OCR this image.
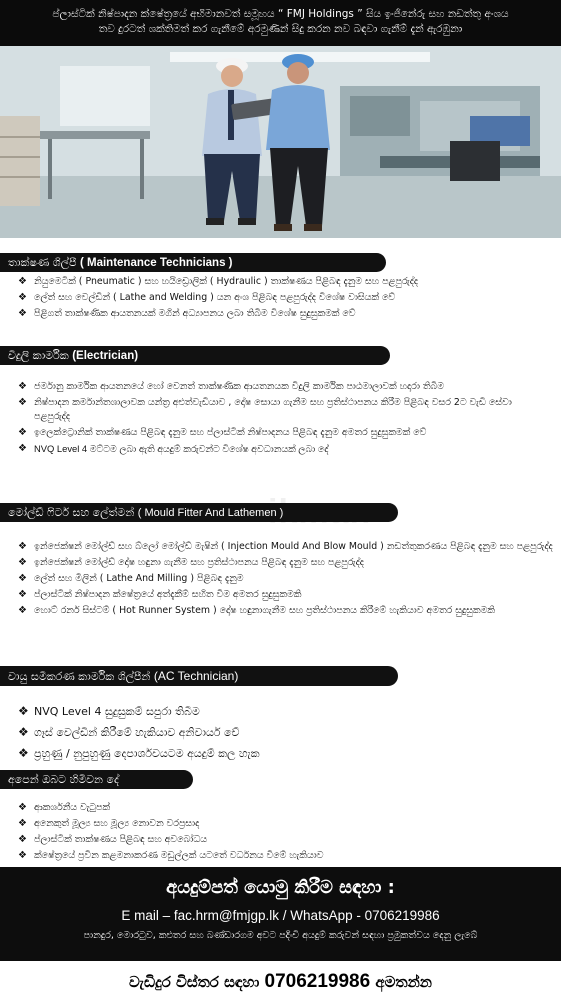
ප්ලාස්ටික් නිෂ්පාදන ක්ෂේත්‍රයේ අභිමානවත් සමූහය “ FMJ Holdings ” සිය ඉංජිනේරු සහ නඩත්තු අංශය
තව දුරටත් ශක්තිමත් කර ගැනීමේ අරමුණින් සිදු කරන නව බඳවා ගැනීම් දැන් ඇරඹුනා
තාක්ෂණ ශිල්පී ( Maintenance Technicians )
❖ නියුමෙටික් ( Pneumatic ) සහ හයිඩ්‍රොලික් ( Hydraulic ) තාක්ෂණය පිළිබඳ දැනුම සහ පළපුරුද්ද
❖ ලේත් සහ වෙල්ඩින් ( Lathe and Welding ) යන අංශ පිළිබඳ පළපුරුද්ද විශේෂ වාසියක් වේ
❖ පිළිගත් තාක්ෂණික ආයතනයක් මගින් අධ්‍යාපනය ලබා තිබීම විශේෂ සුදුසුකමක් වේ
විදුලි කාර්මික (Electrician)
❖ ජර්මානු කාර්මික ආයතනයේ හෝ වෙනත් තාක්ෂණික ආයතනයක විදුලි කාර්මික පාඨමාලාවක් හදාරා තිබීම
❖ නිෂ්පාදන කර්මාන්තශාලාවක යන්ත්‍ර අළුත්වැඩියාව , දෝෂ සොයා ගැනීම සහ ප්‍රතිස්ථාපනය කිරීම පිළිබඳ වසර 2ට වැඩි සේවා පළපුරුද්ද
❖ ඉලෙක්ට්‍රොනික් තාක්ෂණය පිළිබඳ දැනුම සහ ප්ලාස්ටික් නිෂ්පාදනය පිළිබඳ දැනුම අමතර සුදුසුකමක් වේ
❖ NVQ Level 4 මට්ටම ලබා ඇති අයදුම් කරුවන්ට විශේෂ අවධානයක් ලබා දේ
මෝල්ඩ් ෆිටර් සහ ලේත්මන් ( Mould Fitter And Lathemen )
❖ ඉන්ජෙක්ෂන් මෝල්ඩ් සහ බ්ලෝ මෝල්ඩ් මැෂින් ( Injection Mould And Blow Mould ) නඩත්තුකරණය පිළිබඳ දැනුම සහ පළපුරුද්ද
❖ ඉන්ජෙක්ෂන් මෝල්ඩ් දෝෂ හඳුනා ගැනීම සහ ප්‍රතිස්ථාපනය පිළිබඳ දැනුම සහ පළපුරුද්ද
❖ ලේත් සහ මිලින් ( Lathe And Milling ) පිළිබඳ දැනුම
❖ ප්ලාස්ටික් නිෂ්පාදන ක්ෂේත්‍රයේ අත්දැකීම් සහිත වීම අමතර සුදුසුකමකි
❖ හොට් රනර් සිස්ටම් ( Hot Runner System ) දෝෂ හඳුනාගැනීම සහ ප්‍රතිස්ථාපනය කිරීමේ හැකියාව අමතර සුදුසුකමකි
වායු සමීකරණ කාර්මික ශිල්පීන් (AC Technician)
❖ NVQ Level 4 සුදුසුකම් සපුරා තිබීම
❖ ගෑස් වෙල්ඩින් කිරීමේ හැකියාව අනිවාර්ය වේ
❖ ප්‍රහුණු / නුපුහුණු දෙපාර්ශවයටම අයදුම් කල හැක
අපෙන් ඔබට හිමිවන දේ
❖ ආකර්ශනීය වැටුපක්
❖ අනෙකුත් මූල්‍ය සහ මූල්‍ය නොවන වරප්‍රසාද
❖ ප්ලාස්ටික් තාක්ෂණය පිළිබඳ සහ අවබෝධය
❖ ක්ෂේත්‍රයේ ප්‍රවීන කළමනාකරණ මඩුල්ලක් යටතේ වර්ධනය වීමේ හැකියාව
අයදුම්පත් යොමු කිරීම සඳහා :
E mail – fac.hrm@fmjgp.lk / WhatsApp - 0706219986
පානදුර, මොරටුව, කළුතර සහ බණ්ඩාරගම අවට පදිංචි අයදුම් කරුවන් සඳහා ප්‍රමුකත්වය දෙනු ලැබේ
වැඩිදුර විස්තර සඳහා 0706219986 අමතන්න
